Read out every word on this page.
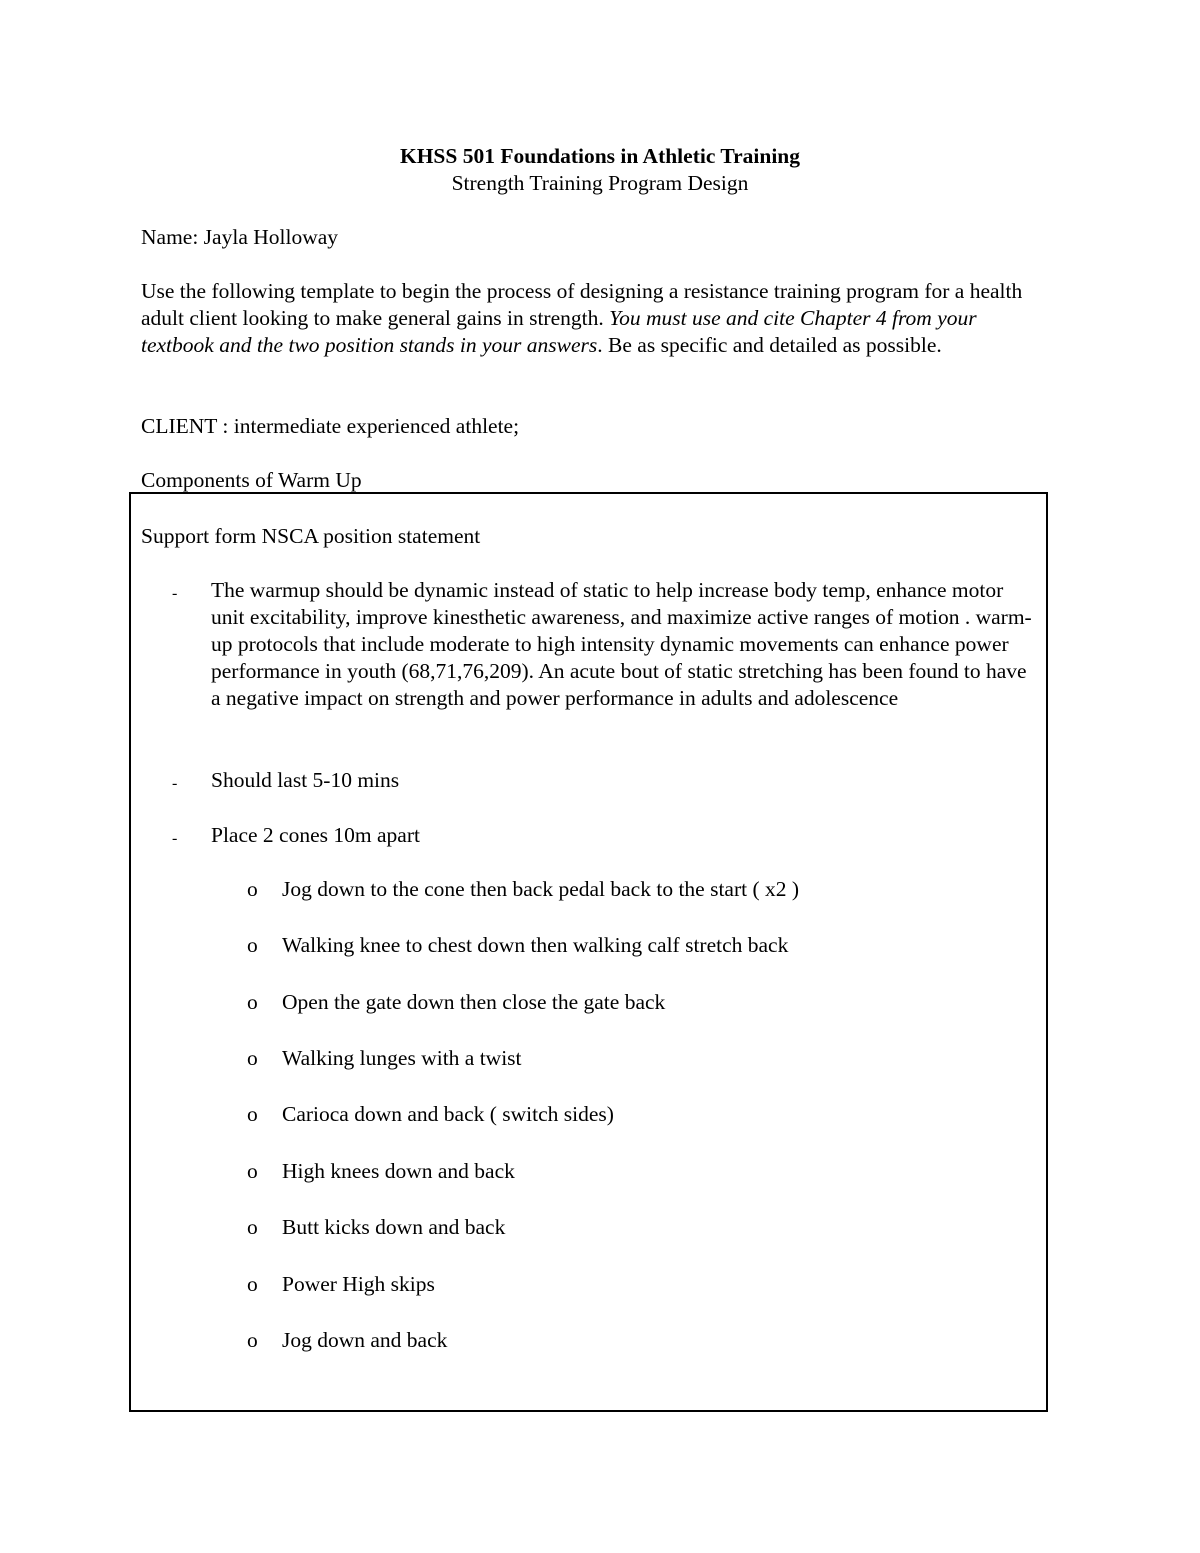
KHSS 501 Foundations in Athletic Training
Strength Training Program Design
Name: Jayla Holloway
Use the following template to begin the process of designing a resistance training program for a health adult client looking to make general gains in strength. You must use and cite Chapter 4 from your textbook and the two position stands in your answers. Be as specific and detailed as possible.
CLIENT : intermediate experienced athlete;
Components of Warm Up
Support form NSCA position statement
- The warmup should be dynamic instead of static to help increase body temp, enhance motor unit excitability, improve kinesthetic awareness, and maximize active ranges of motion . warm-up protocols that include moderate to high intensity dynamic movements can enhance power performance in youth (68,71,76,209). An acute bout of static stretching has been found to have a negative impact on strength and power performance in adults and adolescence
- Should last 5-10 mins
- Place 2 cones 10m apart
o Jog down to the cone then back pedal back to the start ( x2 )
o Walking knee to chest down then walking calf stretch back
o Open the gate down then close the gate back
o Walking lunges with a twist
o Carioca down and back ( switch sides)
o High knees down and back
o Butt kicks down and back
o Power High skips
o Jog down and back
